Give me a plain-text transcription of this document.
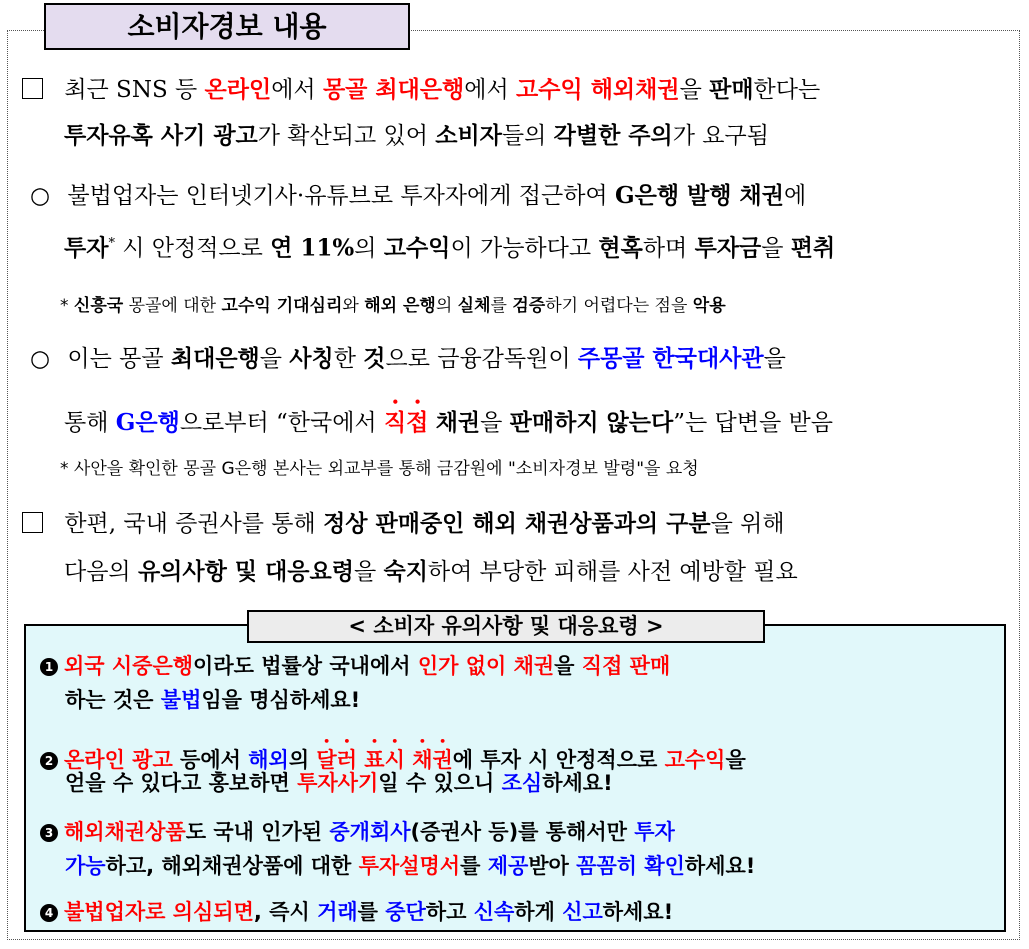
소비자경보 내용
최근 SNS 등 온라인에서 몽골 최대은행에서 고수익 해외채권을 판매한다는
투자유혹 사기 광고가 확산되고 있어 소비자들의 각별한 주의가 요구됨
○ 불법업자는 인터넷기사·유튜브로 투자자에게 접근하여 G은행 발행 채권에
투자* 시 안정적으로 연 11%의 고수익이 가능하다고 현혹하며 투자금을 편취
* 신흥국 몽골에 대한 고수익 기대심리와 해외 은행의 실체를 검증하기 어렵다는 점을 악용
○ 이는 몽골 최대은행을 사칭한 것으로 금융감독원이 주몽골 한국대사관을
통해 G은행으로부터 “한국에서 직접 채권을 판매하지 않는다”는 답변을 받음
* 사안을 확인한 몽골 G은행 본사는 외교부를 통해 금감원에 "소비자경보 발령"을 요청
한편, 국내 증권사를 통해 정상 판매중인 해외 채권상품과의 구분을 위해
다음의 유의사항 및 대응요령을 숙지하여 부당한 피해를 사전 예방할 필요
< 소비자 유의사항 및 대응요령 >
1 외국 시중은행이라도 법률상 국내에서 인가 없이 채권을 직접 판매
하는 것은 불법임을 명심하세요!
2 온라인 광고 등에서 해외의 달러 표시 채권에 투자 시 안정적으로 고수익을
얻을 수 있다고 홍보하면 투자사기일 수 있으니 조심하세요!
3 해외채권상품도 국내 인가된 중개회사(증권사 등)를 통해서만 투자
가능하고, 해외채권상품에 대한 투자설명서를 제공받아 꼼꼼히 확인하세요!
4 불법업자로 의심되면, 즉시 거래를 중단하고 신속하게 신고하세요!
